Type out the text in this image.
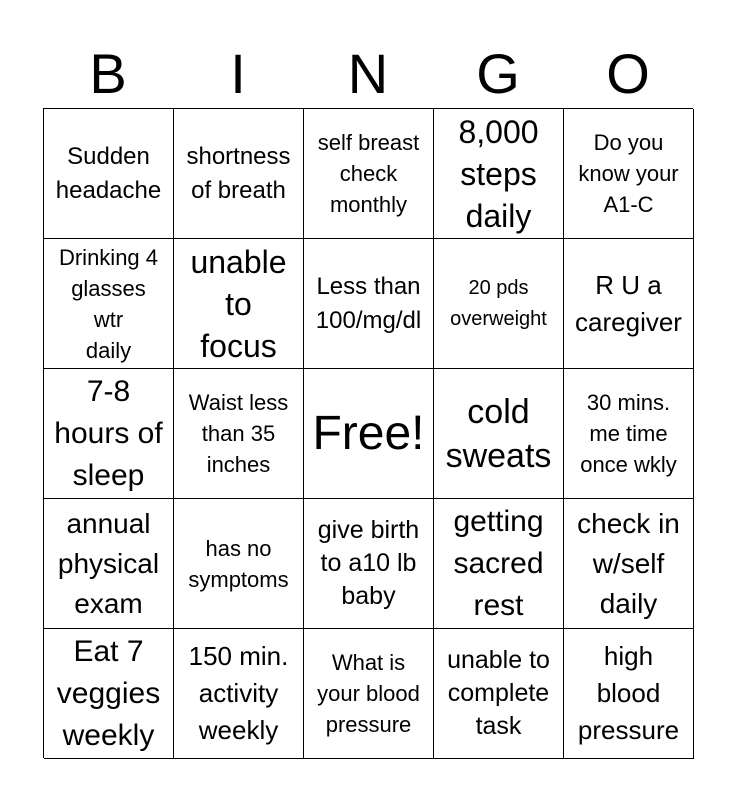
B	I	N	G	O
Sudden
headache
shortness
of breath
self breast
check
monthly
8,000
steps
daily
Do you
know your
A1-C
Drinking 4
glasses
wtr
daily
unable
to
focus
Less than
100/mg/dl
20 pds
overweight
R U a
caregiver
7-8
hours of
sleep
Waist less
than 35
inches
Free!	cold
sweats
30 mins.
me time
once wkly
annual
physical
exam
has no
symptoms
give birth
to a10 lb
baby
getting
sacred
rest
check in
w/self
daily
Eat 7
veggies
weekly
150 min.
activity
weekly
What is
your blood
pressure
unable to
complete
task
high
blood
pressure
